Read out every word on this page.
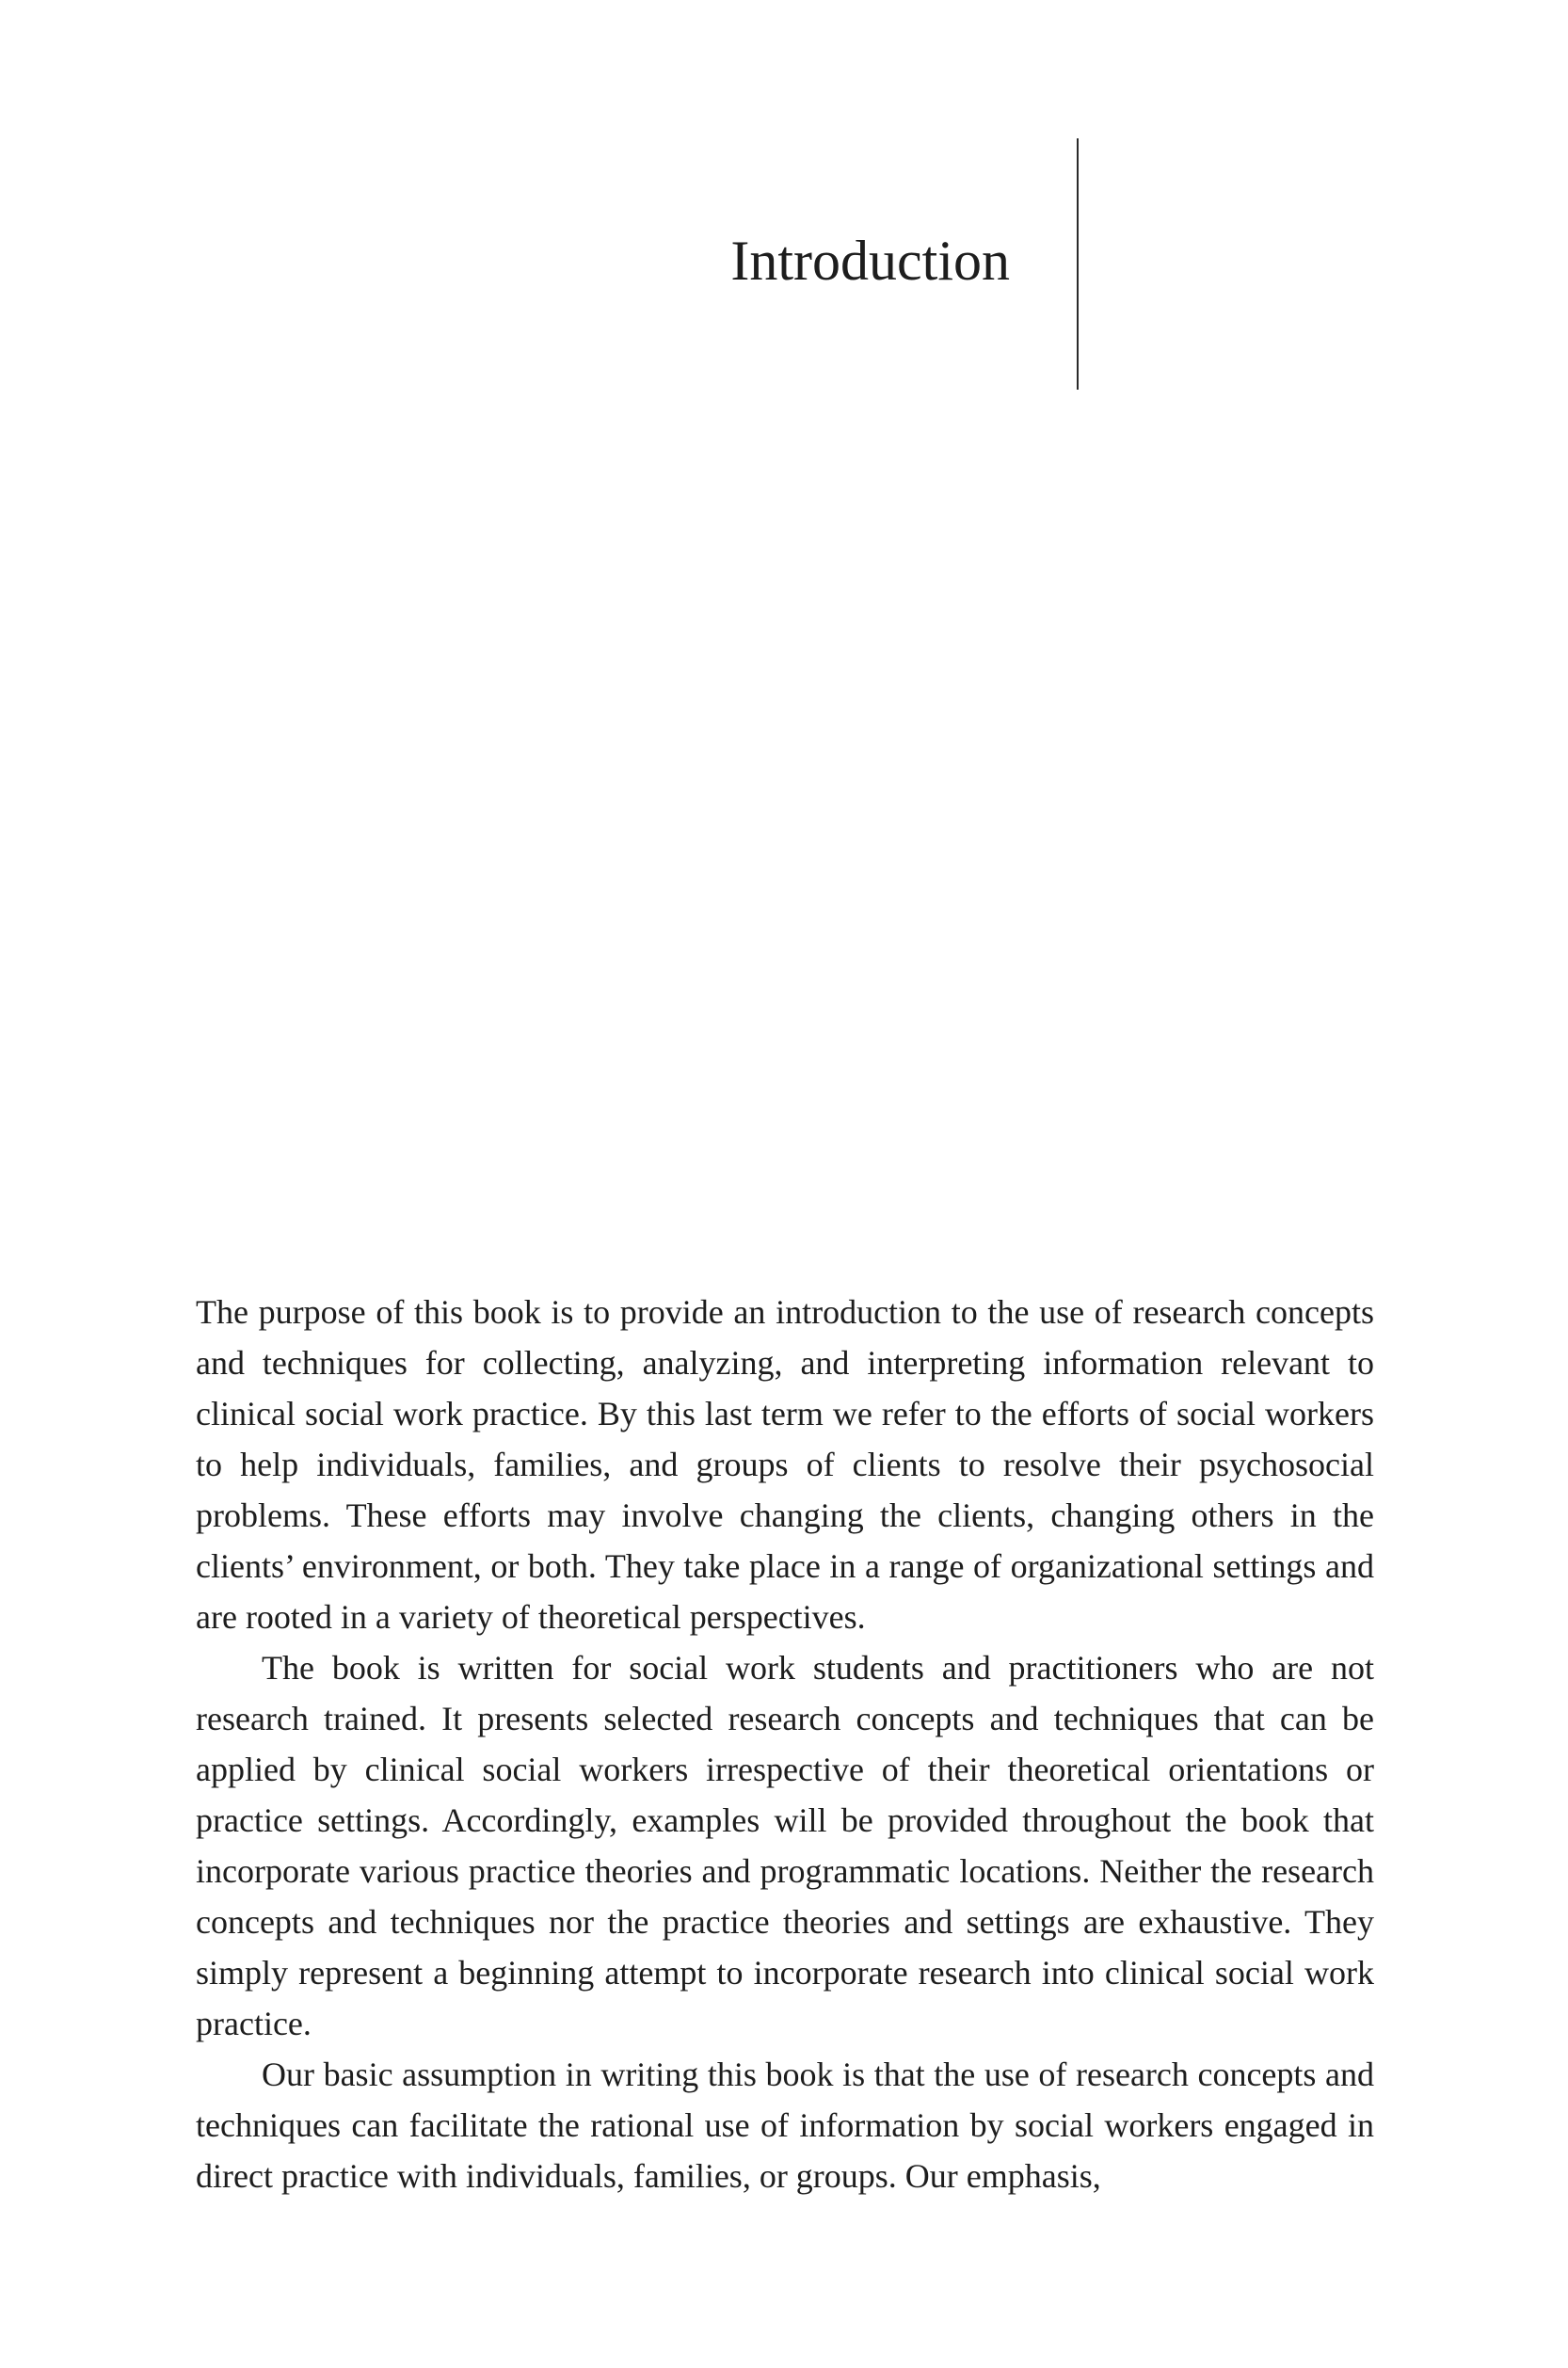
Introduction

The purpose of this book is to provide an introduction to the use of research concepts and techniques for collecting, analyzing, and interpreting information relevant to clinical social work practice. By this last term we refer to the efforts of social workers to help individuals, families, and groups of clients to resolve their psychosocial problems. These efforts may involve changing the clients, changing others in the clients’ environment, or both. They take place in a range of organizational settings and are rooted in a variety of theoretical perspectives.

The book is written for social work students and practitioners who are not research trained. It presents selected research concepts and techniques that can be applied by clinical social workers irrespective of their theoretical orientations or practice settings. Accordingly, examples will be provided throughout the book that incorporate various practice theories and programmatic locations. Neither the research concepts and techniques nor the practice theories and settings are exhaustive. They simply represent a beginning attempt to incorporate research into clinical social work practice.

Our basic assumption in writing this book is that the use of research concepts and techniques can facilitate the rational use of information by social workers engaged in direct practice with individuals, families, or groups. Our emphasis,
